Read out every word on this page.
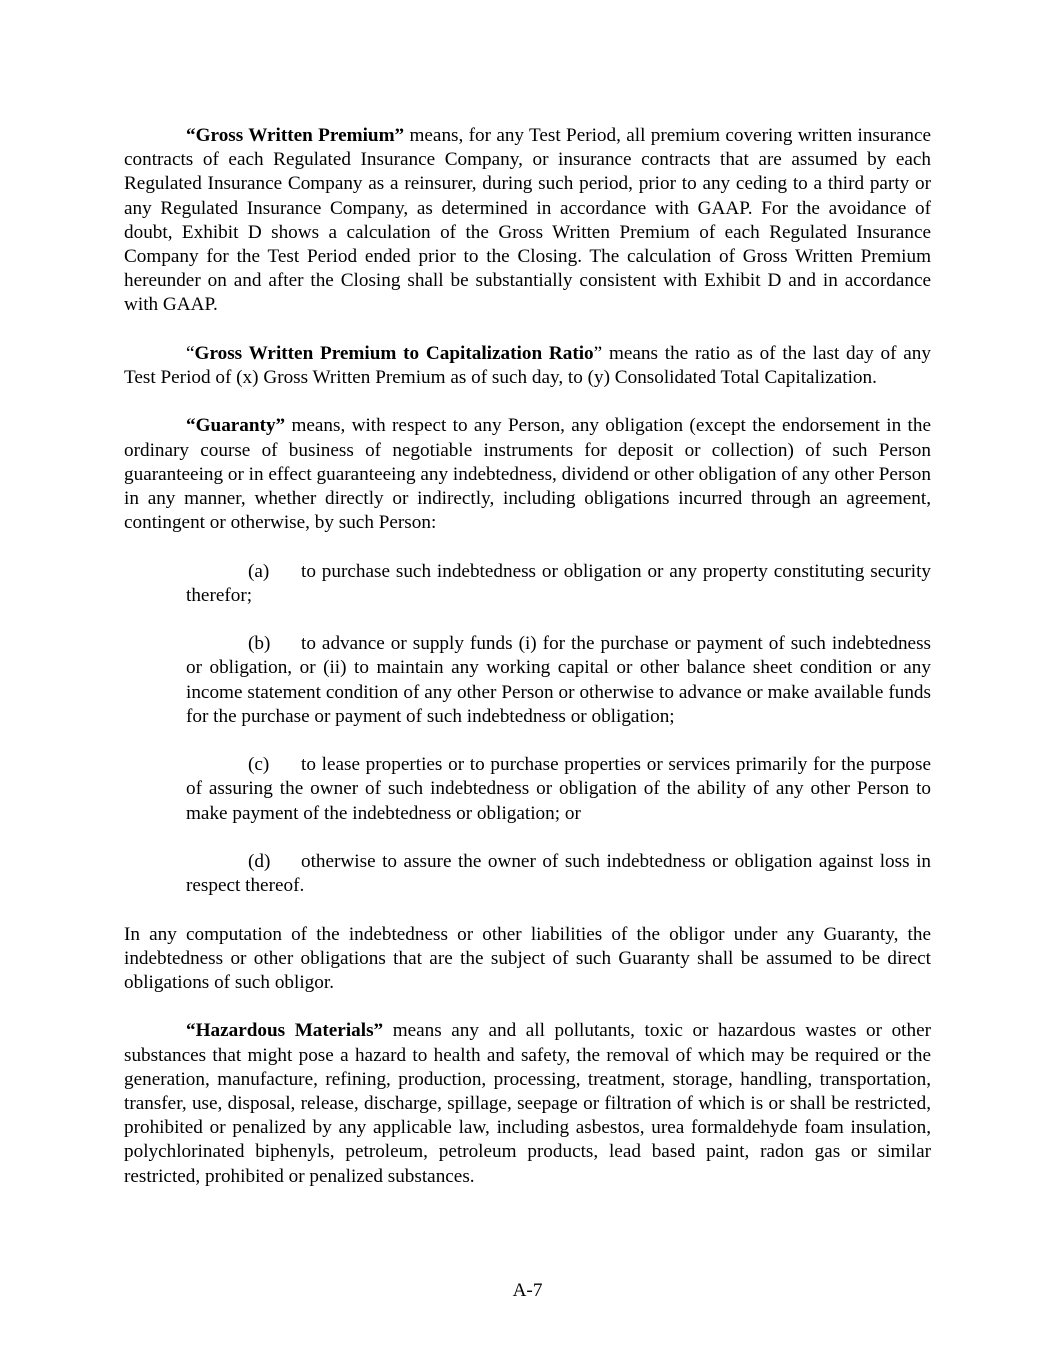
“Gross Written Premium” means, for any Test Period, all premium covering written insurance contracts of each Regulated Insurance Company, or insurance contracts that are assumed by each Regulated Insurance Company as a reinsurer, during such period, prior to any ceding to a third party or any Regulated Insurance Company, as determined in accordance with GAAP. For the avoidance of doubt, Exhibit D shows a calculation of the Gross Written Premium of each Regulated Insurance Company for the Test Period ended prior to the Closing. The calculation of Gross Written Premium hereunder on and after the Closing shall be substantially consistent with Exhibit D and in accordance with GAAP.

“Gross Written Premium to Capitalization Ratio” means the ratio as of the last day of any Test Period of (x) Gross Written Premium as of such day, to (y) Consolidated Total Capitalization.

“Guaranty” means, with respect to any Person, any obligation (except the endorsement in the ordinary course of business of negotiable instruments for deposit or collection) of such Person guaranteeing or in effect guaranteeing any indebtedness, dividend or other obligation of any other Person in any manner, whether directly or indirectly, including obligations incurred through an agreement, contingent or otherwise, by such Person:

(a) to purchase such indebtedness or obligation or any property constituting security therefor;

(b) to advance or supply funds (i) for the purchase or payment of such indebtedness or obligation, or (ii) to maintain any working capital or other balance sheet condition or any income statement condition of any other Person or otherwise to advance or make available funds for the purchase or payment of such indebtedness or obligation;

(c) to lease properties or to purchase properties or services primarily for the purpose of assuring the owner of such indebtedness or obligation of the ability of any other Person to make payment of the indebtedness or obligation; or

(d) otherwise to assure the owner of such indebtedness or obligation against loss in respect thereof.

In any computation of the indebtedness or other liabilities of the obligor under any Guaranty, the indebtedness or other obligations that are the subject of such Guaranty shall be assumed to be direct obligations of such obligor.

“Hazardous Materials” means any and all pollutants, toxic or hazardous wastes or other substances that might pose a hazard to health and safety, the removal of which may be required or the generation, manufacture, refining, production, processing, treatment, storage, handling, transportation, transfer, use, disposal, release, discharge, spillage, seepage or filtration of which is or shall be restricted, prohibited or penalized by any applicable law, including asbestos, urea formaldehyde foam insulation, polychlorinated biphenyls, petroleum, petroleum products, lead based paint, radon gas or similar restricted, prohibited or penalized substances.

A-7
